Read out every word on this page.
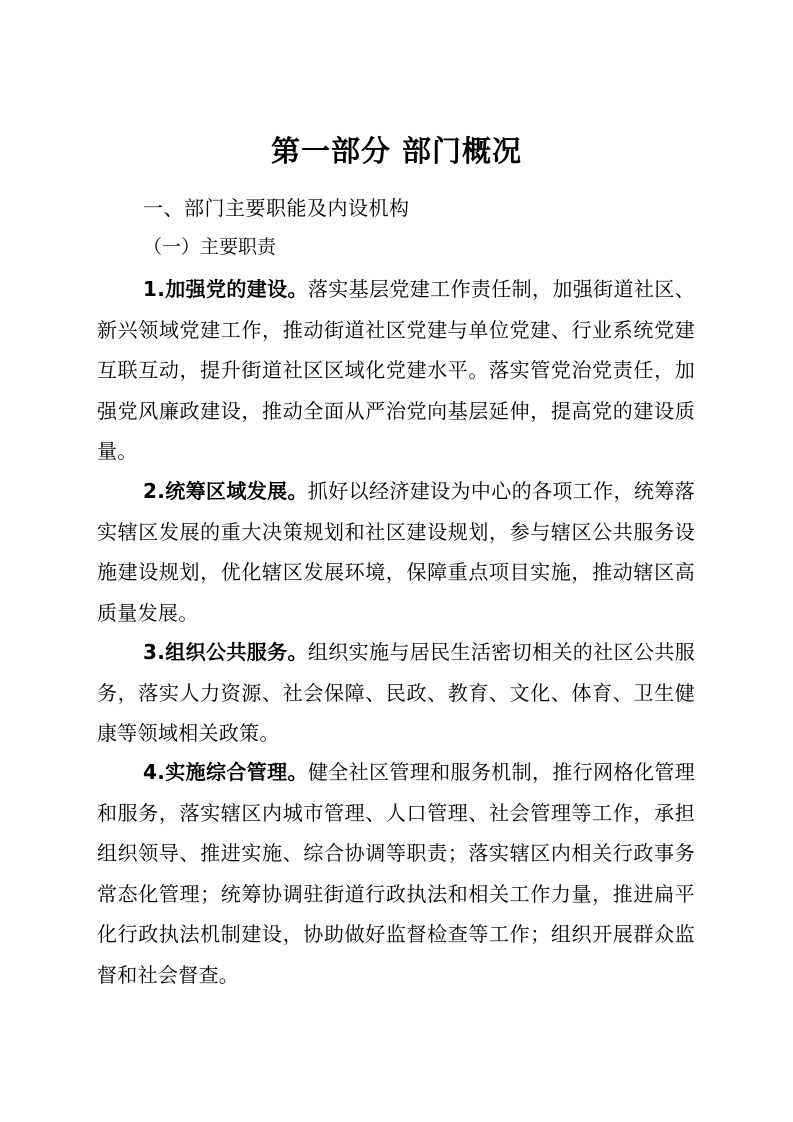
第一部分 部门概况
一、部门主要职能及内设机构
（一）主要职责

1.加强党的建设。落实基层党建工作责任制，加强街道社区、新兴领域党建工作，推动街道社区党建与单位党建、行业系统党建互联互动，提升街道社区区域化党建水平。落实管党治党责任，加强党风廉政建设，推动全面从严治党向基层延伸，提高党的建设质量。

2.统筹区域发展。抓好以经济建设为中心的各项工作，统筹落实辖区发展的重大决策规划和社区建设规划，参与辖区公共服务设施建设规划，优化辖区发展环境，保障重点项目实施，推动辖区高质量发展。

3.组织公共服务。组织实施与居民生活密切相关的社区公共服务，落实人力资源、社会保障、民政、教育、文化、体育、卫生健康等领域相关政策。

4.实施综合管理。健全社区管理和服务机制，推行网格化管理和服务，落实辖区内城市管理、人口管理、社会管理等工作，承担组织领导、推进实施、综合协调等职责；落实辖区内相关行政事务常态化管理；统筹协调驻街道行政执法和相关工作力量，推进扁平化行政执法机制建设，协助做好监督检查等工作；组织开展群众监督和社会督查。
